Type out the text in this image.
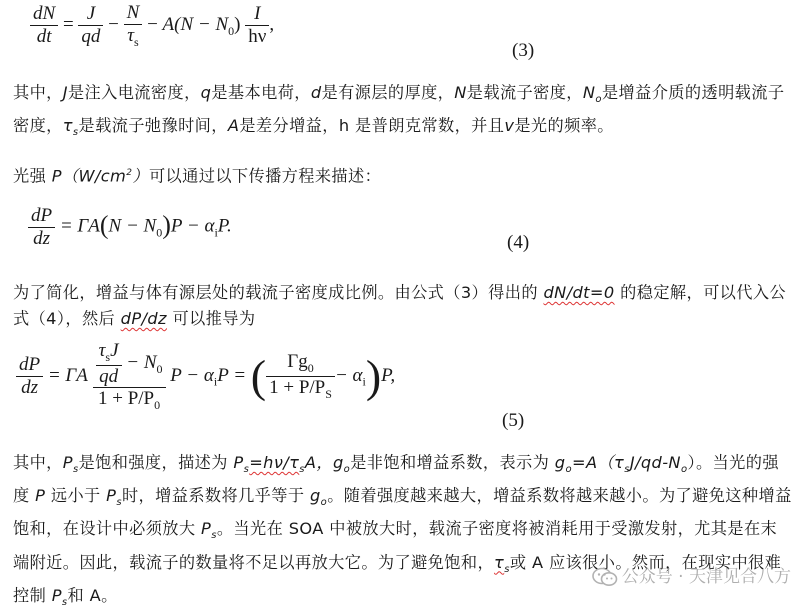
$\frac{dN}{dt} = \frac{J}{qd} - \frac{N}{\tau_s} - A(N - N_0) \frac{I}{h\nu}$ ,
(3)

其中，J是注入电流密度，q是基本电荷，d是有源层的厚度，N是载流子密度，$N_o$是增益介质的透明载流子密度，$\tau_s$是载流子弛豫时间，A是差分增益，h 是普朗克常数，并且v是光的频率。

光强 $P(W/cm^2)$可以通过以下传播方程来描述：

$\frac{dP}{dz} = \Gamma A(N - N_0)P - \alpha_iP$.
(4)

为了简化，增益与体有源层处的载流子密度成比例。由公式（3）得出的 dN/dt=0 的稳定解，可以代入公式（4），然后 dP/dz 可以推导为

$\frac{dP}{dz} = \Gamma A \frac{\frac{\tau_sJ}{qd} - N_0}{1 + P/P_0}$ $P - \alpha_iP$ = ( $\frac{\Gamma g_0}{1 + P/P_S} - \alpha_i)P$,
(5)

其中，$P_s$是饱和强度，描述为 $P_s=h\nu/\tau_sA$，$g_o$是非饱和增益系数，表示为 $g_o=A(\tau_sJ/qd-N_o)$。当光的强度 P 远小于 $P_s$时，增益系数将几乎等于 $g_o$。随着强度越来越大，增益系数将越来越小。为了避免这种增益饱和，在设计中必须放大 $P_s$。当光在 SOA 中被放大时，载流子密度将被消耗用于受激发射，尤其是在末端附近。因此，载流子的数量将不足以再放大它。为了避免饱和，$\tau_s$或 A 应该很小。然而，在现实中很难控制 $P_s$和 A。

公众号 · 天津见合八方
